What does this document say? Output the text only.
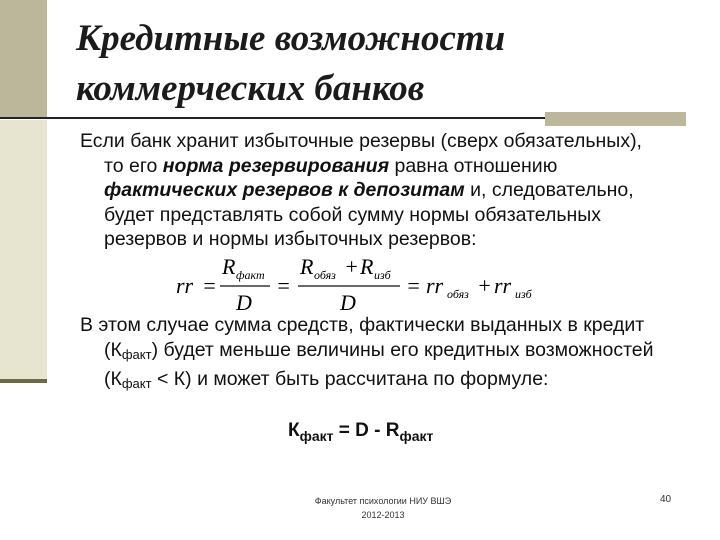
Кредитные возможности
коммерческих банков
Если банк хранит избыточные резервы (сверх обязательных),
то его норма резервирования равна отношению
фактических резервов к депозитам и, следовательно,
будет представлять собой сумму нормы обязательных
резервов и нормы избыточных резервов:
rr =
R факт
D
=
R обяз + R изб
D
= rr обяз + rr изб
В этом случае сумма средств, фактически выданных в кредит
$(К_{факт})$ будет меньше величины его кредитных возможностей
$(К_{факт} < К)$ и может быть рассчитана по формуле:
$К_{факт} = D - R_{факт}$
Факультет психологии НИУ ВШЭ
2012-2013
40
